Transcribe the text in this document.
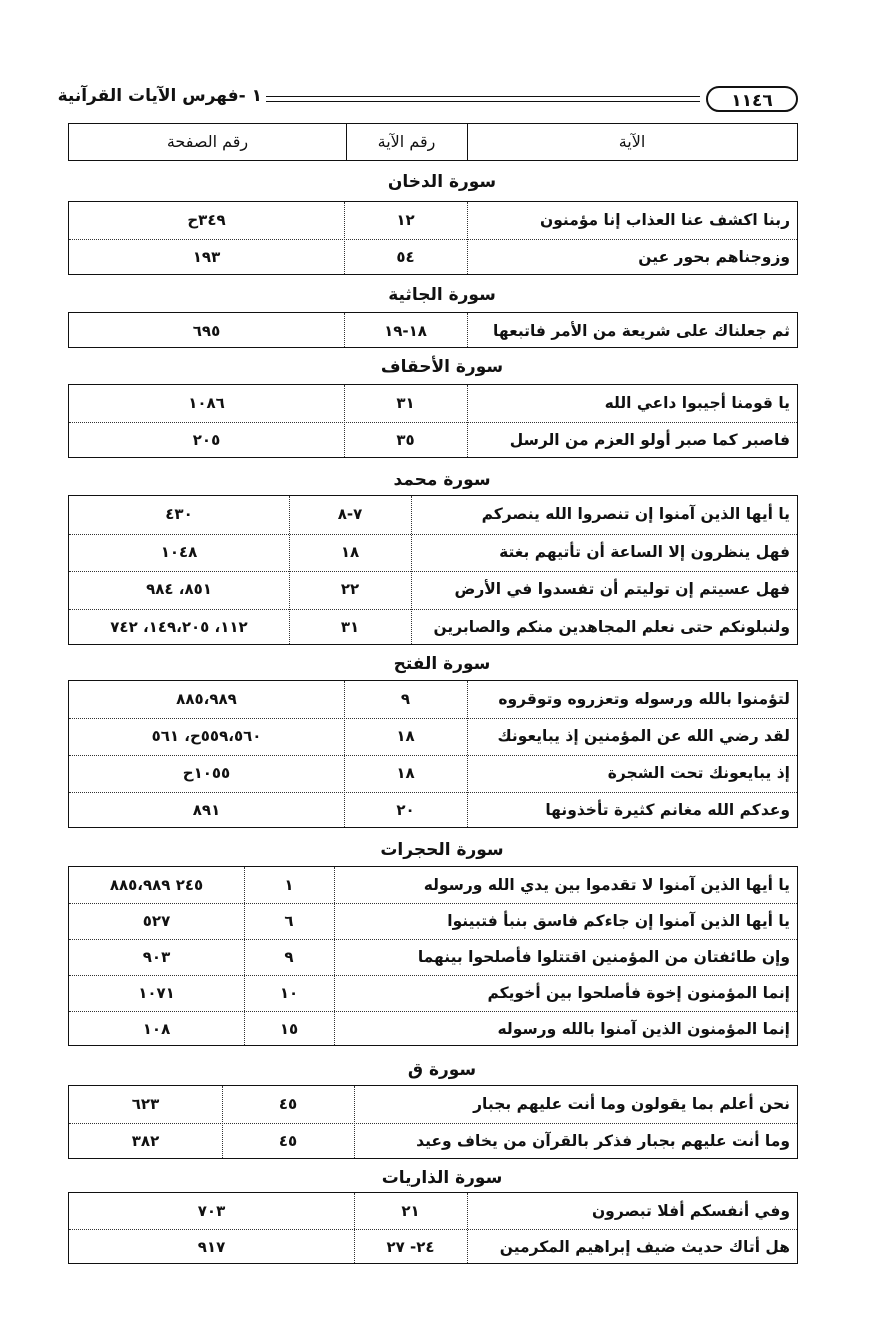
١ -فهرس الآيات القرآنية	١١٤٦
الآية
رقم الآية
رقم الصفحة
سورة الدخان
ربنا اكشف عنا العذاب إنا مؤمنون
١٢
٣٤٩ح
وزوجناهم بحور عين
٥٤
١٩٣
سورة الجاثية
ثم جعلناك على شريعة من الأمر فاتبعها
١٨-١٩
٦٩٥
سورة الأحقاف
يا قومنا أجيبوا داعي الله
٣١
١٠٨٦
فاصبر كما صبر أولو العزم من الرسل
٣٥
٢٠٥
سورة محمد
يا أيها الذين آمنوا إن تنصروا الله ينصركم
٧-٨
٤٣٠
فهل ينظرون إلا الساعة أن تأتيهم بغتة
١٨
١٠٤٨
فهل عسيتم إن توليتم أن تفسدوا في الأرض
٢٢
٨٥١، ٩٨٤
ولنبلونكم حتى نعلم المجاهدين منكم والصابرين
٣١
١١٢، ١٤٩،٢٠٥، ٧٤٢
سورة الفتح
لتؤمنوا بالله ورسوله وتعزروه وتوقروه
٩
٨٨٥،٩٨٩
لقد رضي الله عن المؤمنين إذ يبايعونك
١٨
٥٥٩،٥٦٠ح، ٥٦١
إذ يبايعونك تحت الشجرة
١٨
١٠٥٥ح
وعدكم الله مغانم كثيرة تأخذونها
٢٠
٨٩١
سورة الحجرات
يا أيها الذين آمنوا لا تقدموا بين يدي الله ورسوله
١
٢٤٥ ٨٨٥،٩٨٩
يا أيها الذين آمنوا إن جاءكم فاسق بنبأ فتبينوا
٦
٥٢٧
وإن طائفتان من المؤمنين اقتتلوا فأصلحوا بينهما
٩
٩٠٣
إنما المؤمنون إخوة فأصلحوا بين أخويكم
١٠
١٠٧١
إنما المؤمنون الذين آمنوا بالله ورسوله
١٥
١٠٨
سورة ق
نحن أعلم بما يقولون وما أنت عليهم بجبار
٤٥
٦٢٣
وما أنت عليهم بجبار فذكر بالقرآن من يخاف وعيد
٤٥
٣٨٢
سورة الذاريات
وفي أنفسكم أفلا تبصرون
٢١
٧٠٣
هل أتاك حديث ضيف إبراهيم المكرمين
٢٤- ٢٧
٩١٧
